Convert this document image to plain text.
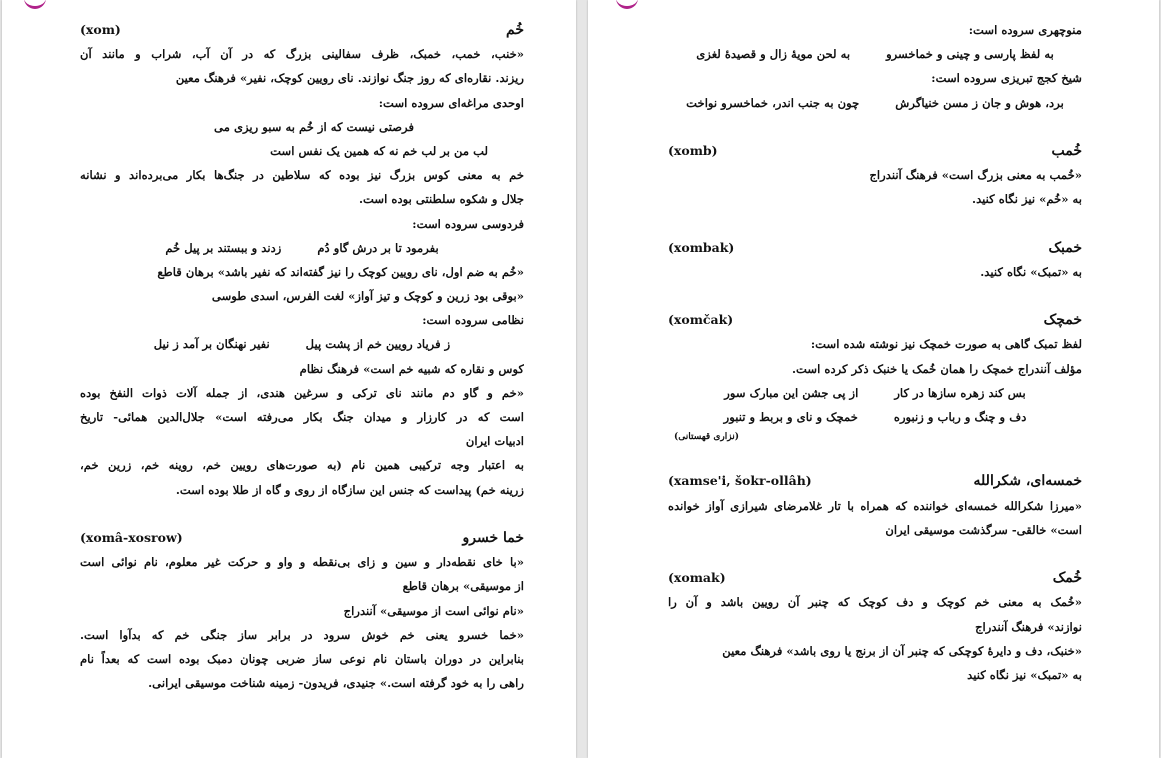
خُم
(xom)
«خنب، خمب، خمبک، ظرف سفالینی بزرگ که در آن آب، شراب و مانند آن
ریزند. نقاره‌ای که روز جنگ نوازند. نای رویین کوچک، نفیر» فرهنگ معین
اوحدی مراغه‌ای سروده است:
فرصتی نیست که از خُم به سبو ریزی می
لب من بر لب خم نه که همین یک نفس است
خم به معنی کوس بزرگ نیز بوده که سلاطین در جنگ‌ها بکار می‌برده‌اند و نشانه
جلال و شکوه سلطنتی بوده است.
فردوسی سروده است:
بفرمود تا بر درش گاو دُم
زدند و ببستند بر پیل خُم
«خُم به ضم اول، نای رویین کوچک را نیز گفته‌اند که نفیر باشد» برهان قاطع
«بوقی بود زرین و کوچک و تیز آواز» لغت الفرس، اسدی طوسی
نظامی سروده است:
ز فریاد رویین خم از پشت پیل
نفیر نهنگان بر آمد ز نیل
کوس و نقاره که شبیه خم است» فرهنگ نظام
«خم و گاو دم مانند نای ترکی و سرغین هندی، از جمله آلات ذوات النفخ بوده
است که در کارزار و میدان جنگ بکار می‌رفته است» جلال‌الدین همائی- تاریخ
ادبیات ایران
به اعتبار وجه ترکیبی همین نام (به صورت‌های رویین خم، روینه خم، زرین خم،
زرینه خم) پیداست که جنس این سازگاه از روی و گاه از طلا بوده است.
خما خسرو
(xomâ-xosrow)
«با خای نقطه‌دار و سین و زای بی‌نقطه و واو و حرکت غیر معلوم، نام نوائی است
از موسیقی» برهان قاطع
«نام نوائی است از موسیقی» آنندراج
«خما خسرو یعنی خم خوش سرود در برابر ساز جنگی خم که بدآوا است.
بنابراین در دوران باستان نام نوعی ساز ضربی چونان دمبک بوده است که بعداً نام
راهی را به خود گرفته است.» جنیدی، فریدون- زمینه شناخت موسیقی ایرانی.
منوچهری سروده است:
به لفظ پارسی و چینی و خماخسرو
به لحن مویهٔ زال و قصیدهٔ لغزی
شیخ کجج تبریزی سروده است:
برد، هوش و جان ز مسن خنیاگرش
چون به جنب اندر، خماخسرو نواخت
خُمب
(xomb)
«خُمب به معنی بزرگ است» فرهنگ آنندراج
به «خُم» نیز نگاه کنید.
خمبک
(xombak)
به «تمبک» نگاه کنید.
خمچک
(xomčak)
لفظ تمبک گاهی به صورت خمچک نیز نوشته شده است:
مؤلف آنندراج خمچک را همان خُمک یا خنبک ذکر کرده است.
بس کند زهره سازها در کار
از پی جشن این مبارک سور
دف و چنگ و رباب و زنبوره
خمچک و نای و بربط و تنبور
(نزاری قهستانی)
خمسه‌ای، شکرالله
(xamse'i, šokr-ollâh)
«میرزا شکرالله خمسه‌ای خواننده که همراه با تار غلامرضای شیرازی آواز خوانده
است» خالقی- سرگذشت موسیقی ایران
خُمک
(xomak)
«خُمک به معنی خم کوچک و دف کوچک که چنبر آن رویین باشد و آن را
نوازند» فرهنگ آنندراج
«خنبک، دف و دایرهٔ کوچکی که چنبر آن از برنج یا روی باشد» فرهنگ معین
به «تمبک» نیز نگاه کنید
